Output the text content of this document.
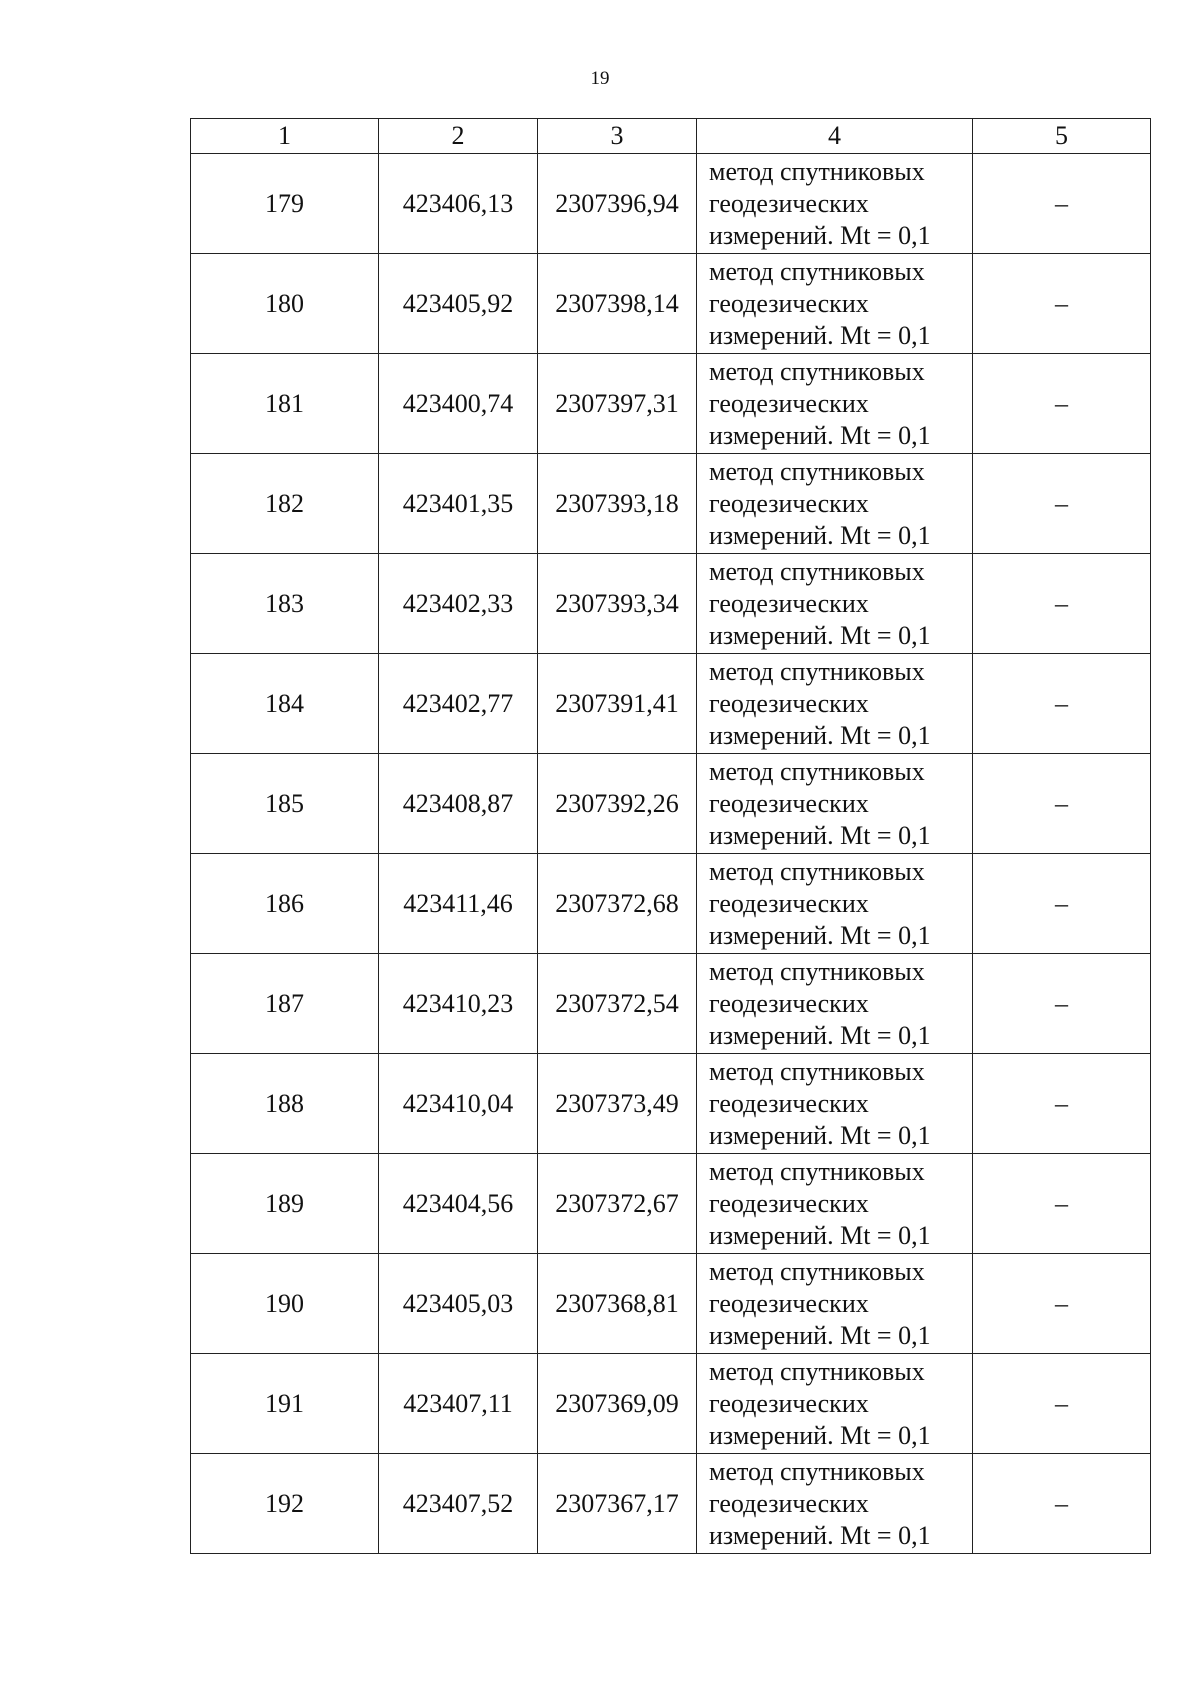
19
1	2	3	4	5
179	423406,13	2307396,94	метод спутниковых
геодезических
измерений. Mt = 0,1	–
180	423405,92	2307398,14	метод спутниковых
геодезических
измерений. Mt = 0,1	–
181	423400,74	2307397,31	метод спутниковых
геодезических
измерений. Mt = 0,1	–
182	423401,35	2307393,18	метод спутниковых
геодезических
измерений. Mt = 0,1	–
183	423402,33	2307393,34	метод спутниковых
геодезических
измерений. Mt = 0,1	–
184	423402,77	2307391,41	метод спутниковых
геодезических
измерений. Mt = 0,1	–
185	423408,87	2307392,26	метод спутниковых
геодезических
измерений. Mt = 0,1	–
186	423411,46	2307372,68	метод спутниковых
геодезических
измерений. Mt = 0,1	–
187	423410,23	2307372,54	метод спутниковых
геодезических
измерений. Mt = 0,1	–
188	423410,04	2307373,49	метод спутниковых
геодезических
измерений. Mt = 0,1	–
189	423404,56	2307372,67	метод спутниковых
геодезических
измерений. Mt = 0,1	–
190	423405,03	2307368,81	метод спутниковых
геодезических
измерений. Mt = 0,1	–
191	423407,11	2307369,09	метод спутниковых
геодезических
измерений. Mt = 0,1	–
192	423407,52	2307367,17	метод спутниковых
геодезических
измерений. Mt = 0,1	–
